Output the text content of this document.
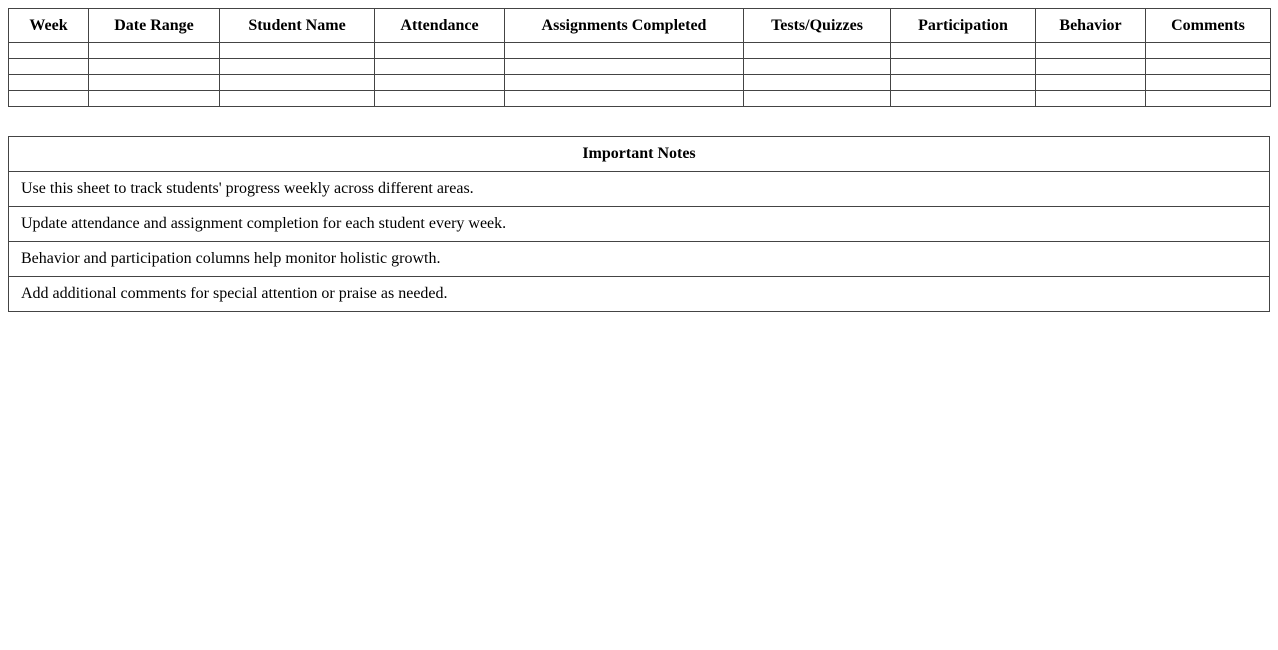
Week	Date Range	Student Name	Attendance	Assignments Completed	Tests/Quizzes	Participation	Behavior	Comments

Important Notes
Use this sheet to track students' progress weekly across different areas.
Update attendance and assignment completion for each student every week.
Behavior and participation columns help monitor holistic growth.
Add additional comments for special attention or praise as needed.
